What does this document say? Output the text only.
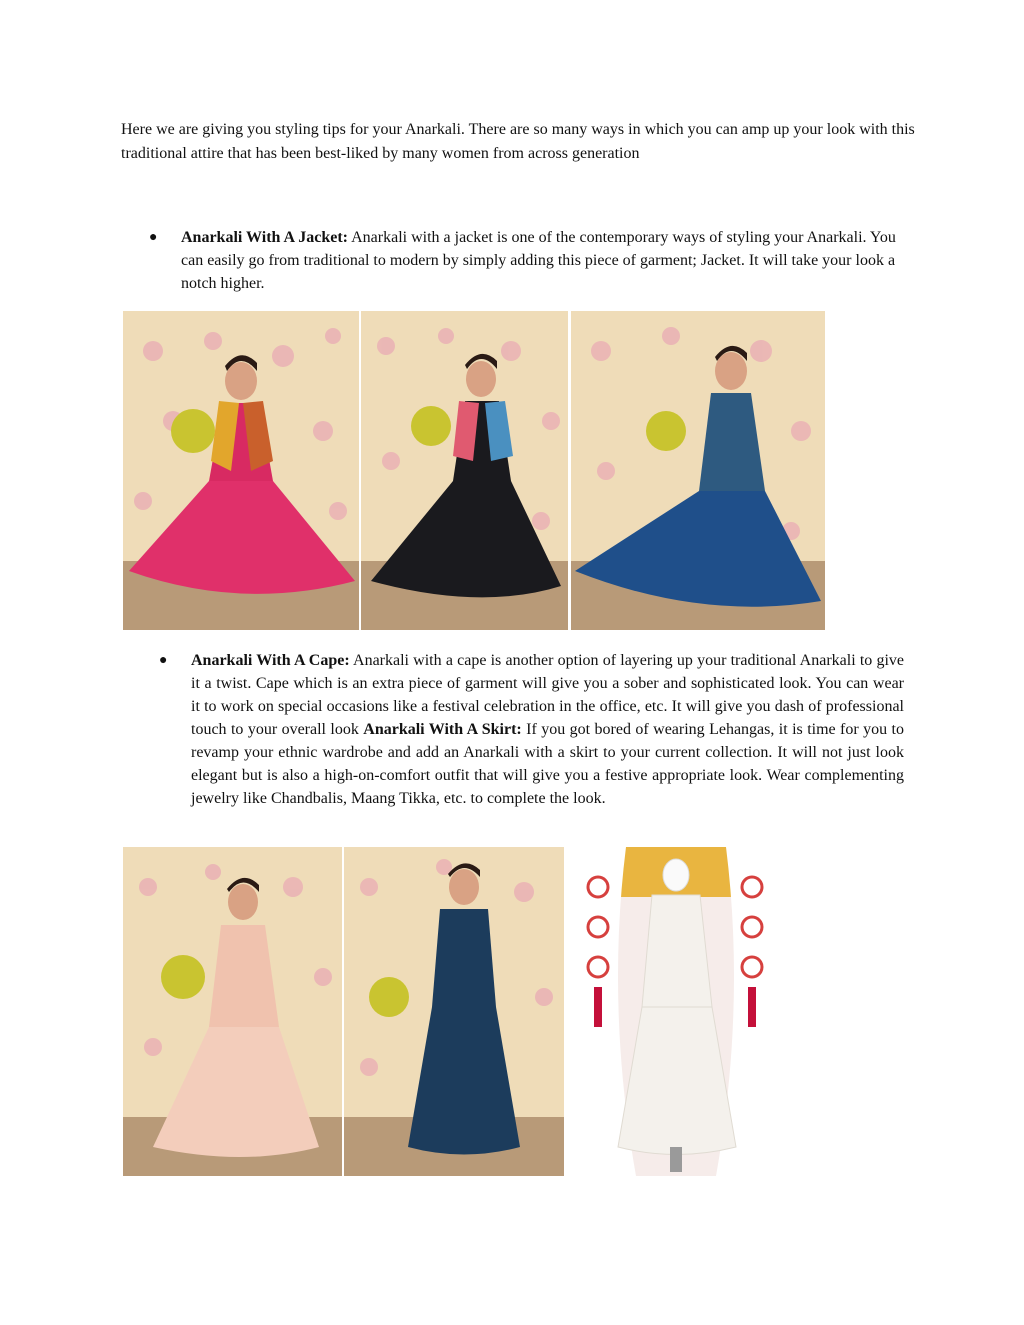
Here we are giving you styling tips for your Anarkali. There are so many ways in which you can amp up your look with this traditional attire that has been best-liked by many women from across generation

● Anarkali With A Jacket: Anarkali with a jacket is one of the contemporary ways of styling your Anarkali. You can easily go from traditional to modern by simply adding this piece of garment; Jacket. It will take your look a notch higher.

● Anarkali With A Cape: Anarkali with a cape is another option of layering up your traditional Anarkali to give it a twist. Cape which is an extra piece of garment will give you a sober and sophisticated look. You can wear it to work on special occasions like a festival celebration in the office, etc. It will give you dash of professional touch to your overall look Anarkali With A Skirt: If you got bored of wearing Lehangas, it is time for you to revamp your ethnic wardrobe and add an Anarkali with a skirt to your current collection. It will not just look elegant but is also a high-on-comfort outfit that will give you a festive appropriate look. Wear complementing jewelry like Chandbalis, Maang Tikka, etc. to complete the look.
